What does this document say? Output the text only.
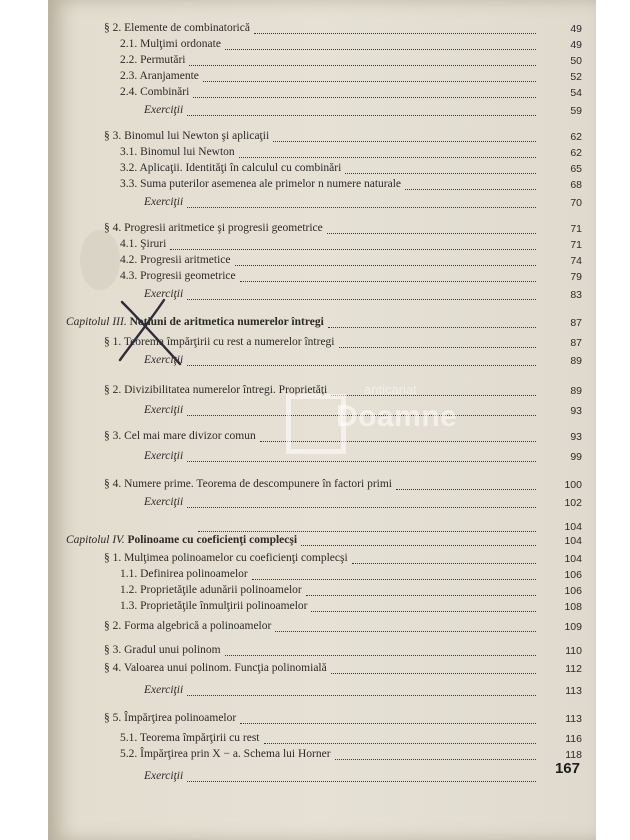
§ 2. Elemente de combinatorică	49
2.1. Mulţimi ordonate	49
2.2. Permutări	50
2.3. Aranjamente	52
2.4. Combinări	54
Exerciţii	59
§ 3. Binomul lui Newton şi aplicaţii	62
3.1. Binomul lui Newton	62
3.2. Aplicaţii. Identităţi în calculul cu combinări	65
3.3. Suma puterilor asemenea ale primelor n numere naturale	68
Exerciţii	70
§ 4. Progresii aritmetice şi progresii geometrice	71
4.1. Şiruri	71
4.2. Progresii aritmetice	74
4.3. Progresii geometrice	79
Exerciţii	83
Capitolul III. Noţiuni de aritmetica numerelor întregi	87
§ 1. Teorema împărţirii cu rest a numerelor întregi	87
Exerciţii	89
§ 2. Divizibilitatea numerelor întregi. Proprietăţi	89
Exerciţii	93
§ 3. Cel mai mare divizor comun	93
Exerciţii	99
§ 4. Numere prime. Teorema de descompunere în factori primi	100
Exerciţii	102
104
Capitolul IV. Polinoame cu coeficienţi complecşi	104
§ 1. Mulţimea polinoamelor cu coeficienţi complecşi	104
1.1. Definirea polinoamelor	106
1.2. Proprietăţile adunării polinoamelor	106
1.3. Proprietăţile înmulţirii polinoamelor	108
§ 2. Forma algebrică a polinoamelor	109
§ 3. Gradul unui polinom	110
§ 4. Valoarea unui polinom. Funcţia polinomială	112
Exerciţii	113
§ 5. Împărţirea polinoamelor	113
5.1. Teorema împărţirii cu rest	116
5.2. Împărţirea prin X − a. Schema lui Horner	118
Exerciţii
anticariat
Doamne
167
